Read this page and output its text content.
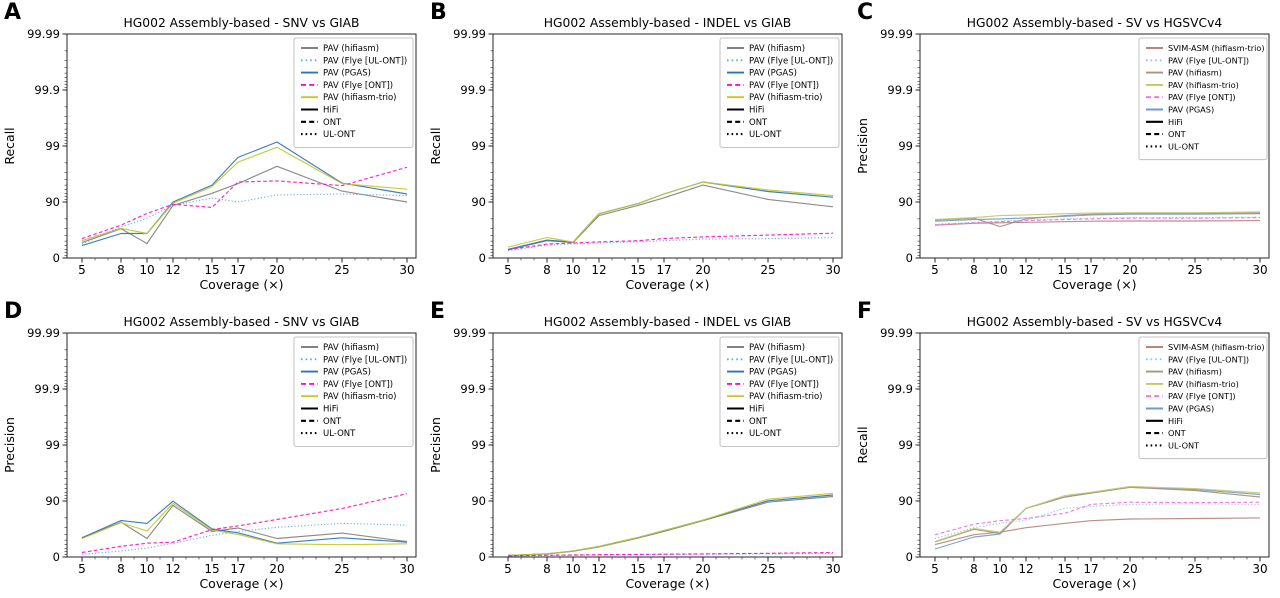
A
99.99
99.9
99
90
0
5	8 10 12 15 17 20	25	30
HG002 Assembly-based - SNV vs GIAB
Coverage (×)
Recall
PAV (hifiasm)
PAV (Flye [UL-ONT])
PAV (PGAS)
PAV (Flye [ONT])
PAV (hifiasm-trio)
HiFi
ONT
UL-ONT
B
99.99
99.9
99
90
0
5	8 10 12 15 17 20	25	30
HG002 Assembly-based - INDEL vs GIAB
Coverage (×)
Recall
PAV (hifiasm)
PAV (Flye [UL-ONT])
PAV (PGAS)
PAV (Flye [ONT])
PAV (hifiasm-trio)
HiFi
ONT
UL-ONT
C
99.99
99.9
99
90
0
5	8 10 12 15 17 20	25	30
HG002 Assembly-based - SV vs HGSVCv4
Coverage (×)
Precision
SVIM-ASM (hifiasm-trio)
PAV (Flye [UL-ONT])
PAV (hifiasm)
PAV (hifiasm-trio)
PAV (Flye [ONT])
PAV (PGAS)
HiFi
ONT
UL-ONT
D
99.99
99.9
99
90
0
5	8 10 12 15 17 20	25	30
HG002 Assembly-based - SNV vs GIAB
Coverage (×)
Precision
PAV (hifiasm)
PAV (Flye [UL-ONT])
PAV (PGAS)
PAV (Flye [ONT])
PAV (hifiasm-trio)
HiFi
ONT
UL-ONT
E
99.99
99.9
99
90
0
5	8 10 12 15 17 20	25	30
HG002 Assembly-based - INDEL vs GIAB
Coverage (×)
Precision
PAV (hifiasm)
PAV (Flye [UL-ONT])
PAV (PGAS)
PAV (Flye [ONT])
PAV (hifiasm-trio)
HiFi
ONT
UL-ONT
F
99.99
99.9
99
90
0
5	8 10 12 15 17 20	25	30
HG002 Assembly-based - SV vs HGSVCv4
Coverage (×)
Recall
SVIM-ASM (hifiasm-trio)
PAV (Flye [UL-ONT])
PAV (hifiasm)
PAV (hifiasm-trio)
PAV (Flye [ONT])
PAV (PGAS)
HiFi
ONT
UL-ONT
